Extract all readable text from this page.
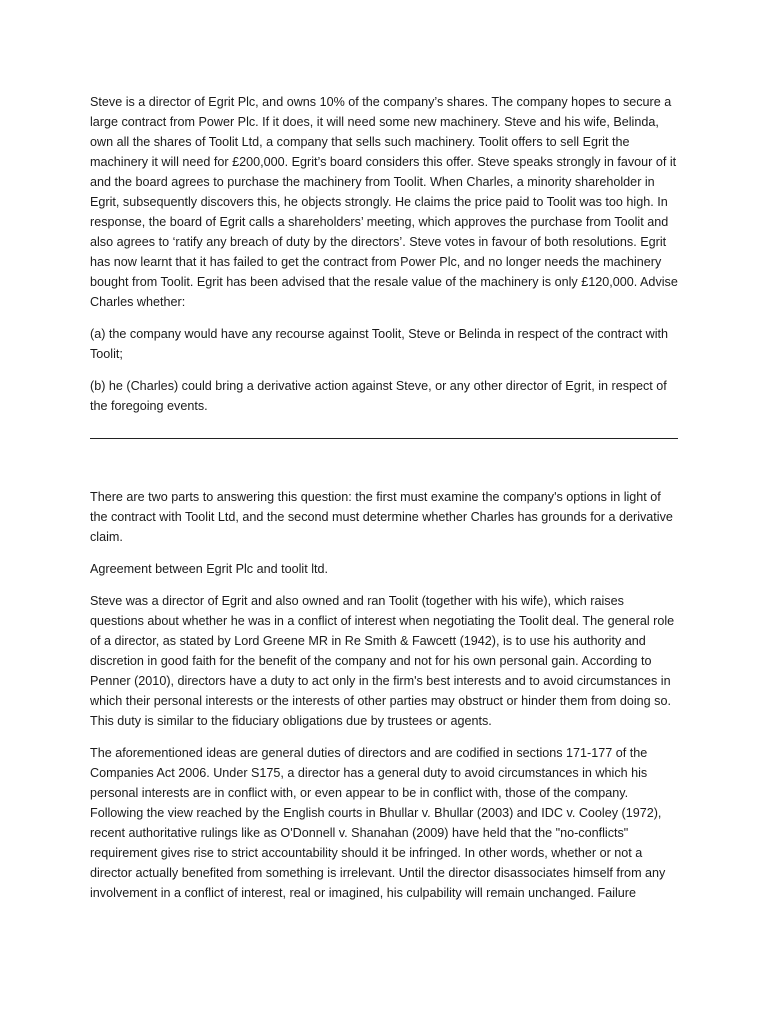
Steve is a director of Egrit Plc, and owns 10% of the company’s shares. The company hopes to secure a large contract from Power Plc. If it does, it will need some new machinery. Steve and his wife, Belinda, own all the shares of Toolit Ltd, a company that sells such machinery. Toolit offers to sell Egrit the machinery it will need for £200,000. Egrit’s board considers this offer. Steve speaks strongly in favour of it and the board agrees to purchase the machinery from Toolit. When Charles, a minority shareholder in Egrit, subsequently discovers this, he objects strongly. He claims the price paid to Toolit was too high. In response, the board of Egrit calls a shareholders’ meeting, which approves the purchase from Toolit and also agrees to ‘ratify any breach of duty by the directors’. Steve votes in favour of both resolutions. Egrit has now learnt that it has failed to get the contract from Power Plc, and no longer needs the machinery bought from Toolit. Egrit has been advised that the resale value of the machinery is only £120,000. Advise Charles whether:

(a) the company would have any recourse against Toolit, Steve or Belinda in respect of the contract with Toolit;

(b) he (Charles) could bring a derivative action against Steve, or any other director of Egrit, in respect of the foregoing events.

There are two parts to answering this question: the first must examine the company's options in light of the contract with Toolit Ltd, and the second must determine whether Charles has grounds for a derivative claim.

Agreement between Egrit Plc and toolit ltd.

Steve was a director of Egrit and also owned and ran Toolit (together with his wife), which raises questions about whether he was in a conflict of interest when negotiating the Toolit deal. The general role of a director, as stated by Lord Greene MR in Re Smith & Fawcett (1942), is to use his authority and discretion in good faith for the benefit of the company and not for his own personal gain. According to Penner (2010), directors have a duty to act only in the firm's best interests and to avoid circumstances in which their personal interests or the interests of other parties may obstruct or hinder them from doing so. This duty is similar to the fiduciary obligations due by trustees or agents.

The aforementioned ideas are general duties of directors and are codified in sections 171-177 of the Companies Act 2006. Under S175, a director has a general duty to avoid circumstances in which his personal interests are in conflict with, or even appear to be in conflict with, those of the company. Following the view reached by the English courts in Bhullar v. Bhullar (2003) and IDC v. Cooley (1972), recent authoritative rulings like as O'Donnell v. Shanahan (2009) have held that the "no-conflicts" requirement gives rise to strict accountability should it be infringed. In other words, whether or not a director actually benefited from something is irrelevant. Until the director disassociates himself from any involvement in a conflict of interest, real or imagined, his culpability will remain unchanged. Failure
